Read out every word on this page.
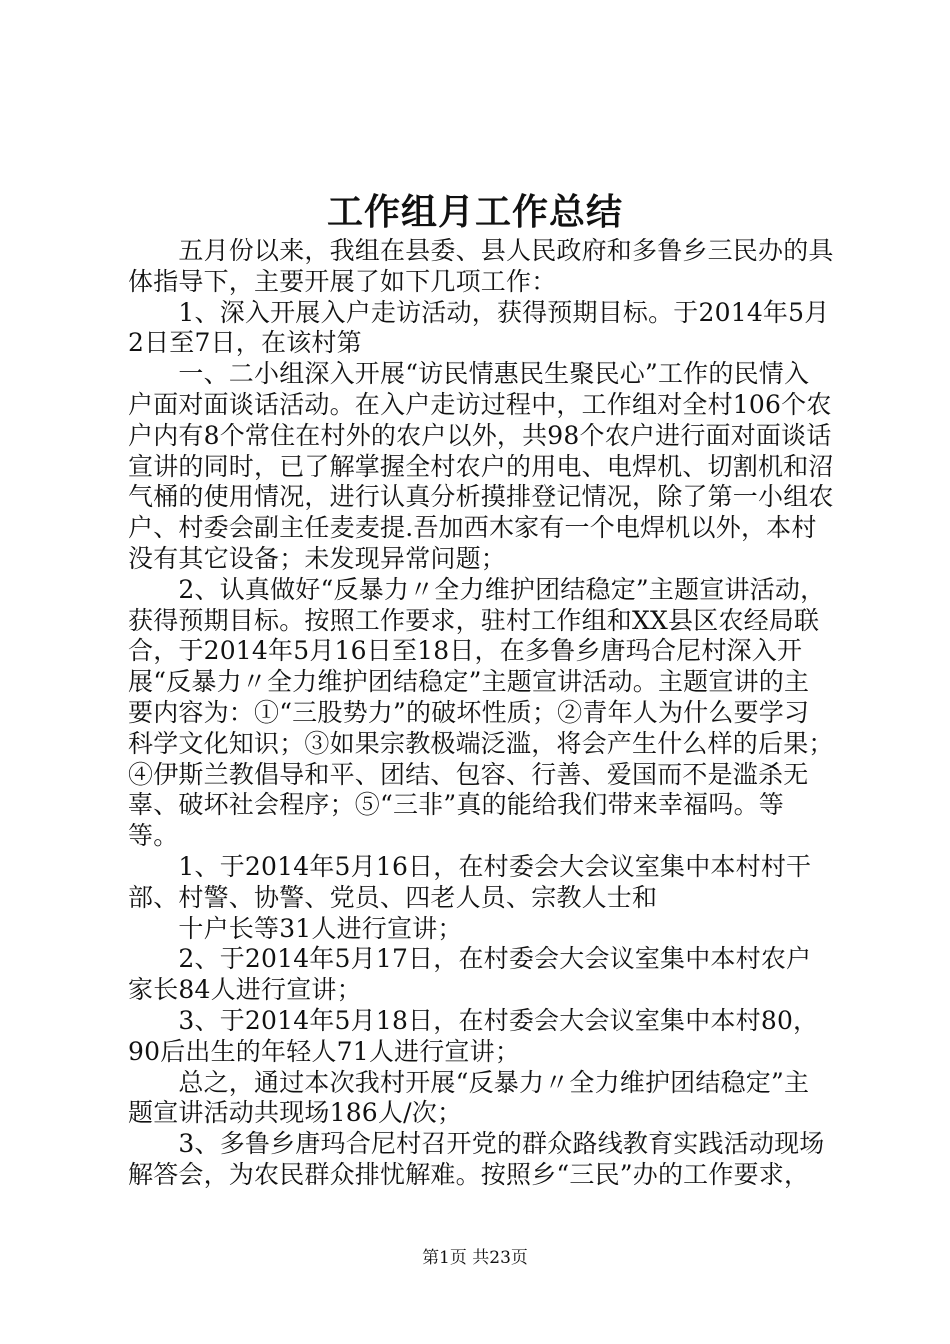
工作组月工作总结

　　五月份以来，我组在县委、县人民政府和多鲁乡三民办的具体指导下，主要开展了如下几项工作：

　　1、深入开展入户走访活动，获得预期目标。于2014年5月2日至7日，在该村第

　　一、二小组深入开展“访民情惠民生聚民心”工作的民情入户面对面谈话活动。在入户走访过程中，工作组对全村106个农户内有8个常住在村外的农户以外，共98个农户进行面对面谈话宣讲的同时，已了解掌握全村农户的用电、电焊机、切割机和沼气桶的使用情况，进行认真分析摸排登记情况，除了第一小组农户、村委会副主任麦麦提.吾加西木家有一个电焊机以外，本村没有其它设备；未发现异常问题；

　　2、认真做好“反暴力〃全力维护团结稳定”主题宣讲活动，获得预期目标。按照工作要求，驻村工作组和XX县区农经局联合，于2014年5月16日至18日，在多鲁乡唐玛合尼村深入开展“反暴力〃全力维护团结稳定”主题宣讲活动。主题宣讲的主要内容为：①“三股势力”的破坏性质；②青年人为什么要学习科学文化知识；③如果宗教极端泛滥，将会产生什么样的后果；④伊斯兰教倡导和平、团结、包容、行善、爱国而不是滥杀无辜、破坏社会程序；⑤“三非”真的能给我们带来幸福吗。等等。

　　1、于2014年5月16日，在村委会大会议室集中本村村干部、村警、协警、党员、四老人员、宗教人士和

　　十户长等31人进行宣讲；

　　2、于2014年5月17日，在村委会大会议室集中本村农户家长84人进行宣讲；

　　3、于2014年5月18日，在村委会大会议室集中本村80，90后出生的年轻人71人进行宣讲；

　　总之，通过本次我村开展“反暴力〃全力维护团结稳定”主题宣讲活动共现场186人/次；

　　3、多鲁乡唐玛合尼村召开党的群众路线教育实践活动现场解答会，为农民群众排忧解难。按照乡“三民”办的工作要求，

第1页 共23页
